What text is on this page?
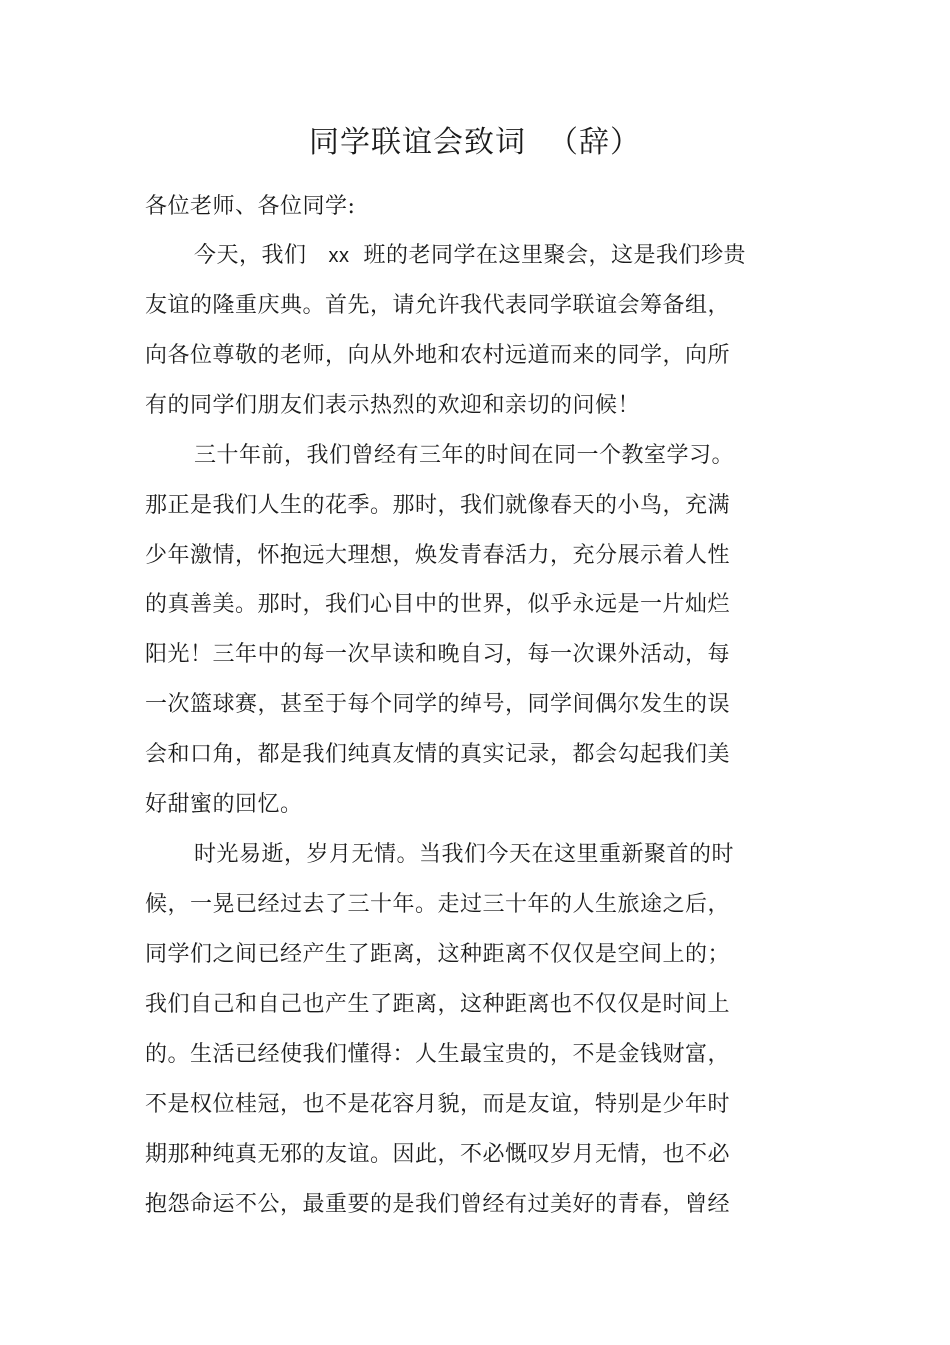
同学联谊会致词 （辞）
各位老师、各位同学:
今天，我们 xx 班的老同学在这里聚会，这是我们珍贵
友谊的隆重庆典。首先，请允许我代表同学联谊会筹备组，
向各位尊敬的老师，向从外地和农村远道而来的同学，向所
有的同学们朋友们表示热烈的欢迎和亲切的问候！
三十年前，我们曾经有三年的时间在同一个教室学习。
那正是我们人生的花季。那时，我们就像春天的小鸟，充满
少年激情，怀抱远大理想，焕发青春活力，充分展示着人性
的真善美。那时，我们心目中的世界，似乎永远是一片灿烂
阳光！三年中的每一次早读和晚自习，每一次课外活动，每
一次篮球赛，甚至于每个同学的绰号，同学间偶尔发生的误
会和口角，都是我们纯真友情的真实记录，都会勾起我们美
好甜蜜的回忆。
时光易逝，岁月无情。当我们今天在这里重新聚首的时
候，一晃已经过去了三十年。走过三十年的人生旅途之后，
同学们之间已经产生了距离，这种距离不仅仅是空间上的；
我们自己和自己也产生了距离，这种距离也不仅仅是时间上
的。生活已经使我们懂得：人生最宝贵的，不是金钱财富，
不是权位桂冠，也不是花容月貌，而是友谊，特别是少年时
期那种纯真无邪的友谊。因此，不必慨叹岁月无情，也不必
抱怨命运不公，最重要的是我们曾经有过美好的青春，曾经
